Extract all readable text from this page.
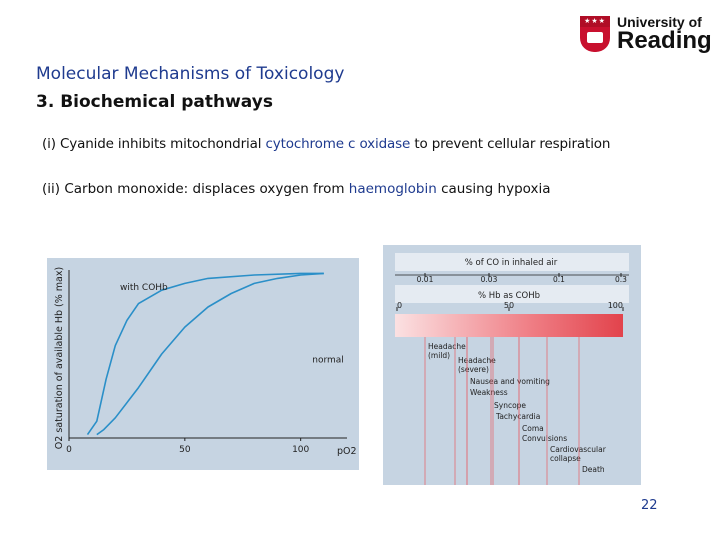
★★★ University of
Reading
Molecular Mechanisms of Toxicology
3. Biochemical pathways
(i) Cyanide inhibits mitochondrial cytochrome c oxidase to prevent cellular respiration
(ii) Carbon monoxide: displaces oxygen from haemoglobin causing hypoxia
O2 saturation of available Hb (% max)
0	50	100
with COHb
normal
pO2
% of CO in inhaled air
% Hb as COHb
0.01	0.03	0.1	0.3
0	50	100
Headache (mild)
Headache (severe)
Nausea and vomiting
Weakness
Syncope
Tachycardia
Coma
Convulsions
Cardiovascular collapse
Death
22
